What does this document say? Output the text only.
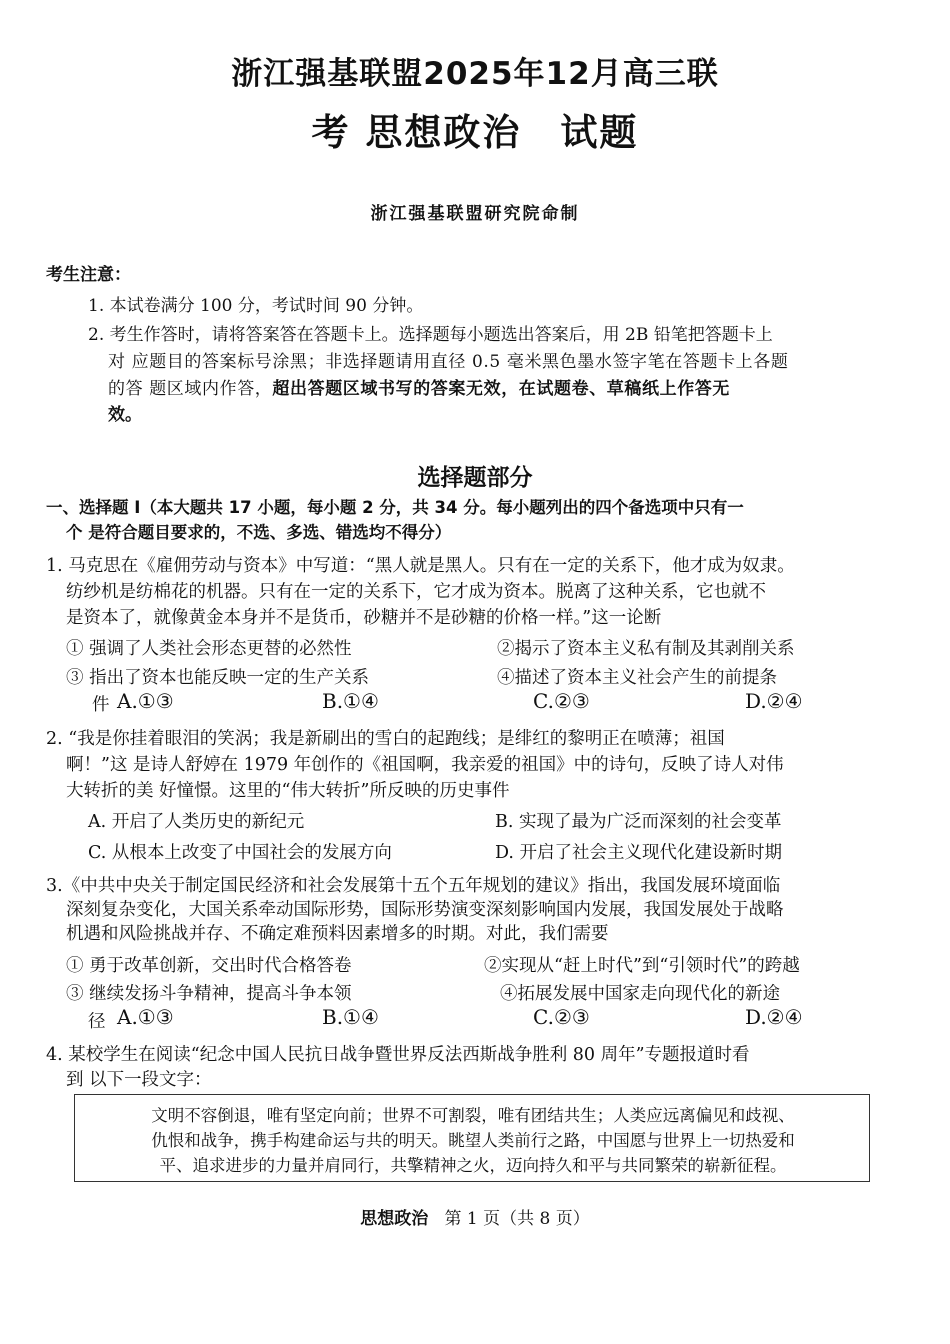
浙江强基联盟2025年12月高三联
考 思想政治　试题
浙江强基联盟研究院命制
考生注意：
1. 本试卷满分 100 分，考试时间 90 分钟。
2. 考生作答时，请将答案答在答题卡上。选择题每小题选出答案后，用 2B 铅笔把答题卡上
对 应题目的答案标号涂黑；非选择题请用直径 0.5 毫米黑色墨水签字笔在答题卡上各题
的答 题区域内作答，超出答题区域书写的答案无效，在试题卷、草稿纸上作答无
效。
选择题部分
一、选择题 Ⅰ（本大题共 17 小题，每小题 2 分，共 34 分。每小题列出的四个备选项中只有一
个 是符合题目要求的，不选、多选、错选均不得分）
1. 马克思在《雇佣劳动与资本》中写道：“黑人就是黑人。只有在一定的关系下，他才成为奴隶。
纺纱机是纺棉花的机器。只有在一定的关系下，它才成为资本。脱离了这种关系，它也就不
是资本了，就像黄金本身并不是货币，砂糖并不是砂糖的价格一样。”这一论断
① 强调了人类社会形态更替的必然性	②揭示了资本主义私有制及其剥削关系
③ 指出了资本也能反映一定的生产关系	④描述了资本主义社会产生的前提条
件 A.①③	B.①④	C.②③	D.②④
2. “我是你挂着眼泪的笑涡；我是新刷出的雪白的起跑线；是绯红的黎明正在喷薄；祖国
啊！”这 是诗人舒婷在 1979 年创作的《祖国啊，我亲爱的祖国》中的诗句，反映了诗人对伟
大转折的美 好憧憬。这里的“伟大转折”所反映的历史事件
A. 开启了人类历史的新纪元	B. 实现了最为广泛而深刻的社会变革
C. 从根本上改变了中国社会的发展方向	D. 开启了社会主义现代化建设新时期
3.《中共中央关于制定国民经济和社会发展第十五个五年规划的建议》指出，我国发展环境面临
深刻复杂变化，大国关系牵动国际形势，国际形势演变深刻影响国内发展，我国发展处于战略
机遇和风险挑战并存、不确定难预料因素增多的时期。对此，我们需要
① 勇于改革创新，交出时代合格答卷	②实现从“赶上时代”到“引领时代”的跨越
③ 继续发扬斗争精神，提高斗争本领	④拓展发展中国家走向现代化的新途
径 A.①③	B.①④	C.②③	D.②④
4. 某校学生在阅读“纪念中国人民抗日战争暨世界反法西斯战争胜利 80 周年”专题报道时看
到 以下一段文字：
文明不容倒退，唯有坚定向前；世界不可割裂，唯有团结共生；人类应远离偏见和歧视、
仇恨和战争，携手构建命运与共的明天。眺望人类前行之路，中国愿与世界上一切热爱和
平、追求进步的力量并肩同行，共擎精神之火，迈向持久和平与共同繁荣的崭新征程。
思想政治 第 1 页（共 8 页）
